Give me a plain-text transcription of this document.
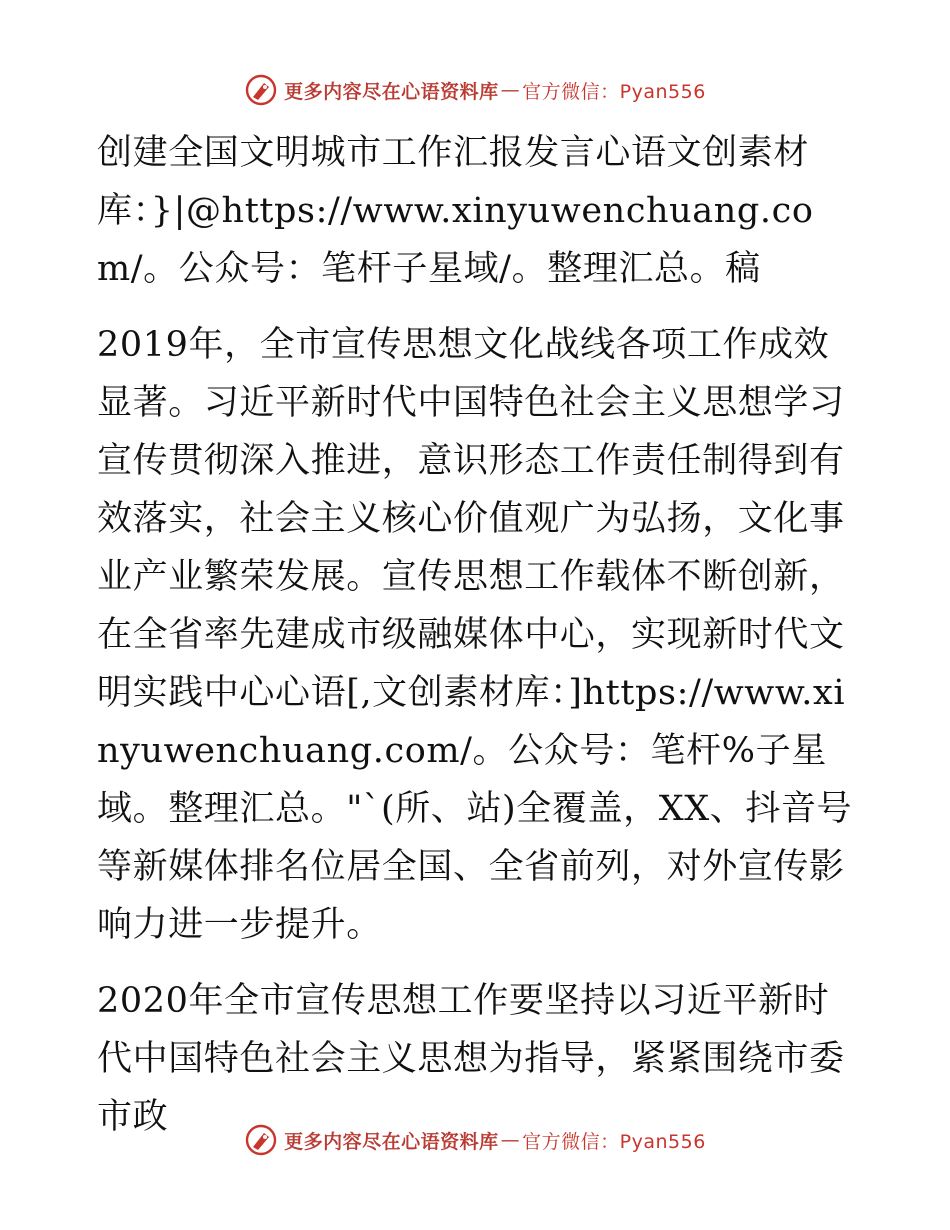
更多内容尽在心语资料库 — 官方微信：Pyan556

创建全国文明城市工作汇报发言心语文创素材库：}|@https://www.xinyuwenchuang.com/。公众号：笔杆子星域/。整理汇总。稿

2019年，全市宣传思想文化战线各项工作成效显著。习近平新时代中国特色社会主义思想学习宣传贯彻深入推进，意识形态工作责任制得到有效落实，社会主义核心价值观广为弘扬，文化事业产业繁荣发展。宣传思想工作载体不断创新，在全省率先建成市级融媒体中心，实现新时代文明实践中心心语[,文创素材库：]https://www.xinyuwenchuang.com/。公众号：笔杆%子星域。整理汇总。"`(所、站)全覆盖，XX、抖音号等新媒体排名位居全国、全省前列，对外宣传影响力进一步提升。

2020年全市宣传思想工作要坚持以习近平新时代中国特色社会主义思想为指导，紧紧围绕市委市政

更多内容尽在心语资料库 — 官方微信：Pyan556
